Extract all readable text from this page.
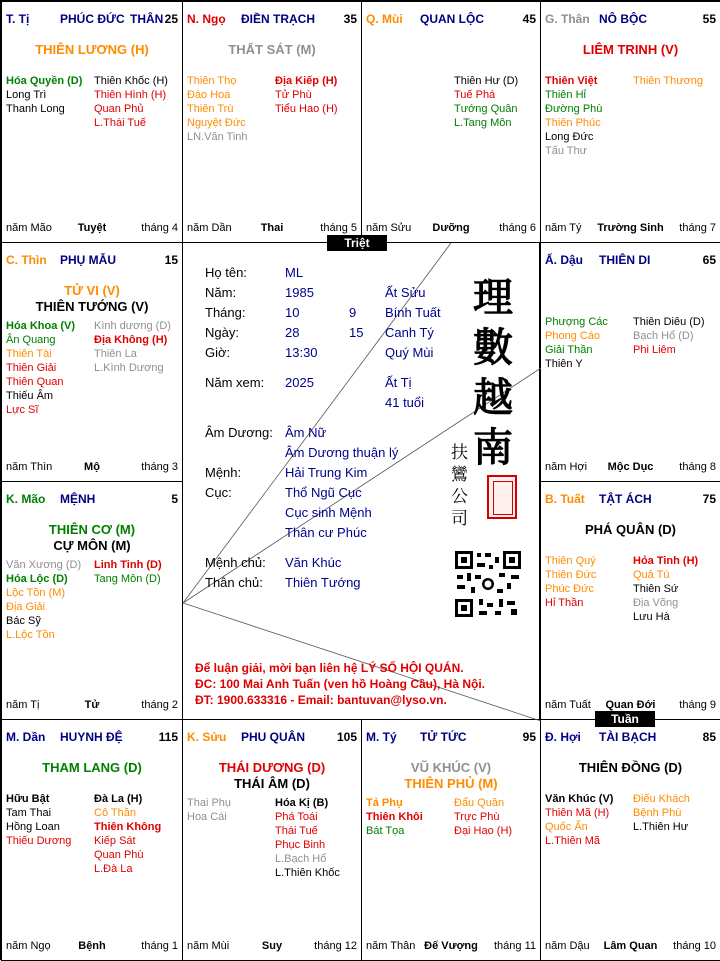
T. Tị	PHÚC ĐỨC THÂN 25
THIÊN LƯƠNG (H)
Hóa Quyền (D)
Long Trì
Thanh Long
Thiên Khốc (H)
Thiên Hình (H)
Quan Phủ
L.Thái Tuế
năm Mão	Tuyệt	tháng 4
N. Ngọ ĐIỀN TRẠCH 35
THẤT SÁT (M)
Thiên Thọ
Đào Hoa
Thiên Trù
Nguyệt Đức
LN.Văn Tinh
Địa Kiếp (H)
Tử Phù
Tiểu Hao (H)
năm Dần	Thai	tháng 5
Q. Mùi QUAN LỘC	45
Thiên Hư (D)
Tuế Phá
Tướng Quân
L.Tang Môn
năm Sửu	Dưỡng	tháng 6
G. Thân NÔ BỘC	55
LIÊM TRINH (V)
Thiên Việt
Thiên Hỉ
Đường Phù
Thiên Phúc
Long Đức
Tấu Thư
Thiên Thương
năm Tý	Trường Sinh	tháng 7
C. Thìn PHỤ MẪU	15
TỬ VI (V)
THIÊN TƯỚNG (V)
Hóa Khoa (V)
Ân Quang
Thiên Tài
Thiên Giải
Thiên Quan
Thiếu Âm
Lực Sĩ
Kình dương (D)
Địa Không (H)
Thiên La
L.Kình Dương
năm Thìn	Mộ	tháng 3
Ấ. Dậu THIÊN DI	65
Phượng Các
Phong Cáo
Giải Thần
Thiên Y
Thiên Diêu (D)
Bạch Hổ (D)
Phi Liêm
năm Hợi	Mộc Dục	tháng 8
K. Mão MỆNH	5
THIÊN CƠ (M)
CỰ MÔN (M)
Văn Xương (D)
Hóa Lộc (D)
Lộc Tồn (M)
Địa Giải
Bác Sỹ
L.Lộc Tồn
Linh Tinh (D)
Tang Môn (D)
năm Tị	Tử	tháng 2
B. Tuất TẬT ÁCH	75
PHÁ QUÂN (D)
Thiên Quý
Thiên Đức
Phúc Đức
Hỉ Thần
Hỏa Tinh (H)
Quả Tú
Thiên Sứ
Địa Võng
Lưu Hà
năm Tuất	Quan Đới	tháng 9
M. Dần HUYNH ĐỆ	115
THAM LANG (D)
Hữu Bật
Tam Thai
Hồng Loan
Thiếu Dương
Đà La (H)
Cô Thần
Thiên Không
Kiếp Sát
Quan Phù
L.Đà La
năm Ngọ	Bệnh	tháng 1
K. Sửu PHU QUÂN	105
THÁI DƯƠNG (D)
THÁI ÂM (D)
Thai Phụ
Hoa Cái
Hóa Kị (B)
Phá Toái
Thái Tuế
Phục Binh
L.Bạch Hổ
L.Thiên Khốc
năm Mùi	Suy	tháng 12
M. Tý TỬ TỨC	95
VŨ KHÚC (V)
THIÊN PHỦ (M)
Tả Phụ
Thiên Khôi
Bát Tọa
Đẩu Quân
Trực Phù
Đại Hao (H)
năm Thân Đế Vượng	tháng 11
Đ. Hợi TÀI BẠCH	85
THIÊN ĐỒNG (D)
Văn Khúc (V)
Thiên Mã (H)
Quốc Ấn
L.Thiên Mã
Điếu Khách
Bệnh Phù
L.Thiên Hư
năm Dậu	Lâm Quan	tháng 10
Họ tên:	ML
Năm:	1985	Ất Sửu
Tháng:	10	9 Bính Tuất
Ngày:	28	15 Canh Tý
Giờ:	13:30	Quý Mùi
Năm xem: 2025	Ất Tị
41 tuổi
Âm Dương: Âm Nữ
Âm Dương thuận lý
Mệnh:	Hải Trung Kim
Cục:	Thổ Ngũ Cục
Cục sinh Mệnh
Thân cư Phúc
Mệnh chủ: Văn Khúc
Thân chủ: Thiên Tướng
理
數
越
南
扶
鸞
公
司
Để luận giải, mời bạn liên hệ LÝ SỐ HỘI QUÁN.
ĐC: 100 Mai Anh Tuấn (ven hồ Hoàng Cầu), Hà Nội.
ĐT: 1900.633316 - Email: bantuvan@lyso.vn.
Triệt
Tuần
